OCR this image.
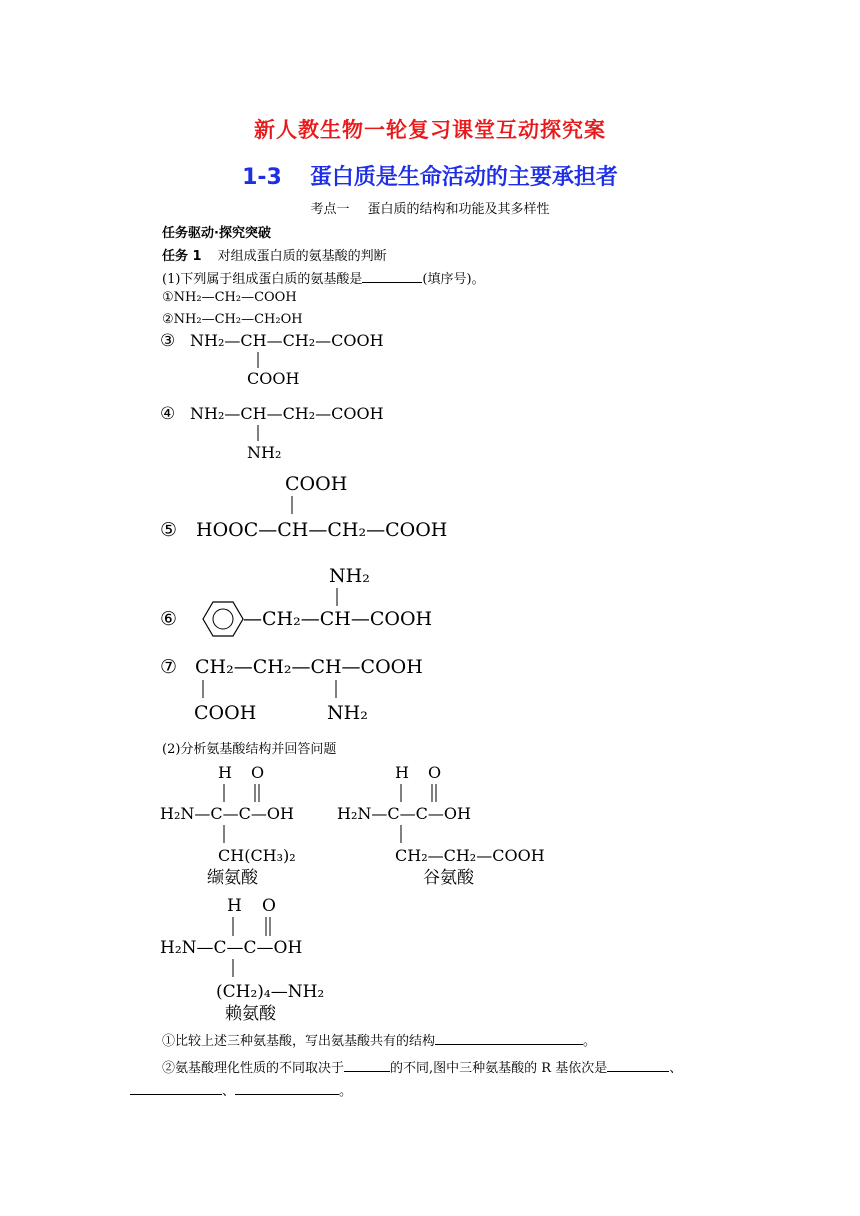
新人教生物一轮复习课堂互动探究案
1-3 蛋白质是生命活动的主要承担者
考点一 蛋白质的结构和功能及其多样性
任务驱动·探究突破
任务 1 对组成蛋白质的氨基酸的判断
(1)下列属于组成蛋白质的氨基酸是	(填序号)。
①NH₂—CH₂—COOH
②NH₂—CH₂—CH₂OH
③ NH₂—CH—CH₂—COOH
COOH
④ NH₂—CH—CH₂—COOH
NH₂
COOH
⑤ HOOC—CH—CH₂—COOH
NH₂
⑥	—CH₂—CH—COOH
⑦ CH₂—CH₂—CH—COOH
COOH	NH₂
H O
H₂N—C—C—OH
CH(CH₃)₂
缬氨酸
H O
H₂N—C—C—OH
CH₂—CH₂—COOH
谷氨酸
H O
H₂N—C—C—OH
(CH₂)₄—NH₂
赖氨酸
(2)分析氨基酸结构并回答问题
①比较上述三种氨基酸，写出氨基酸共有的结构	。
②氨基酸理化性质的不同取决于	的不同,图中三种氨基酸的 R 基依次是	、
、	。
